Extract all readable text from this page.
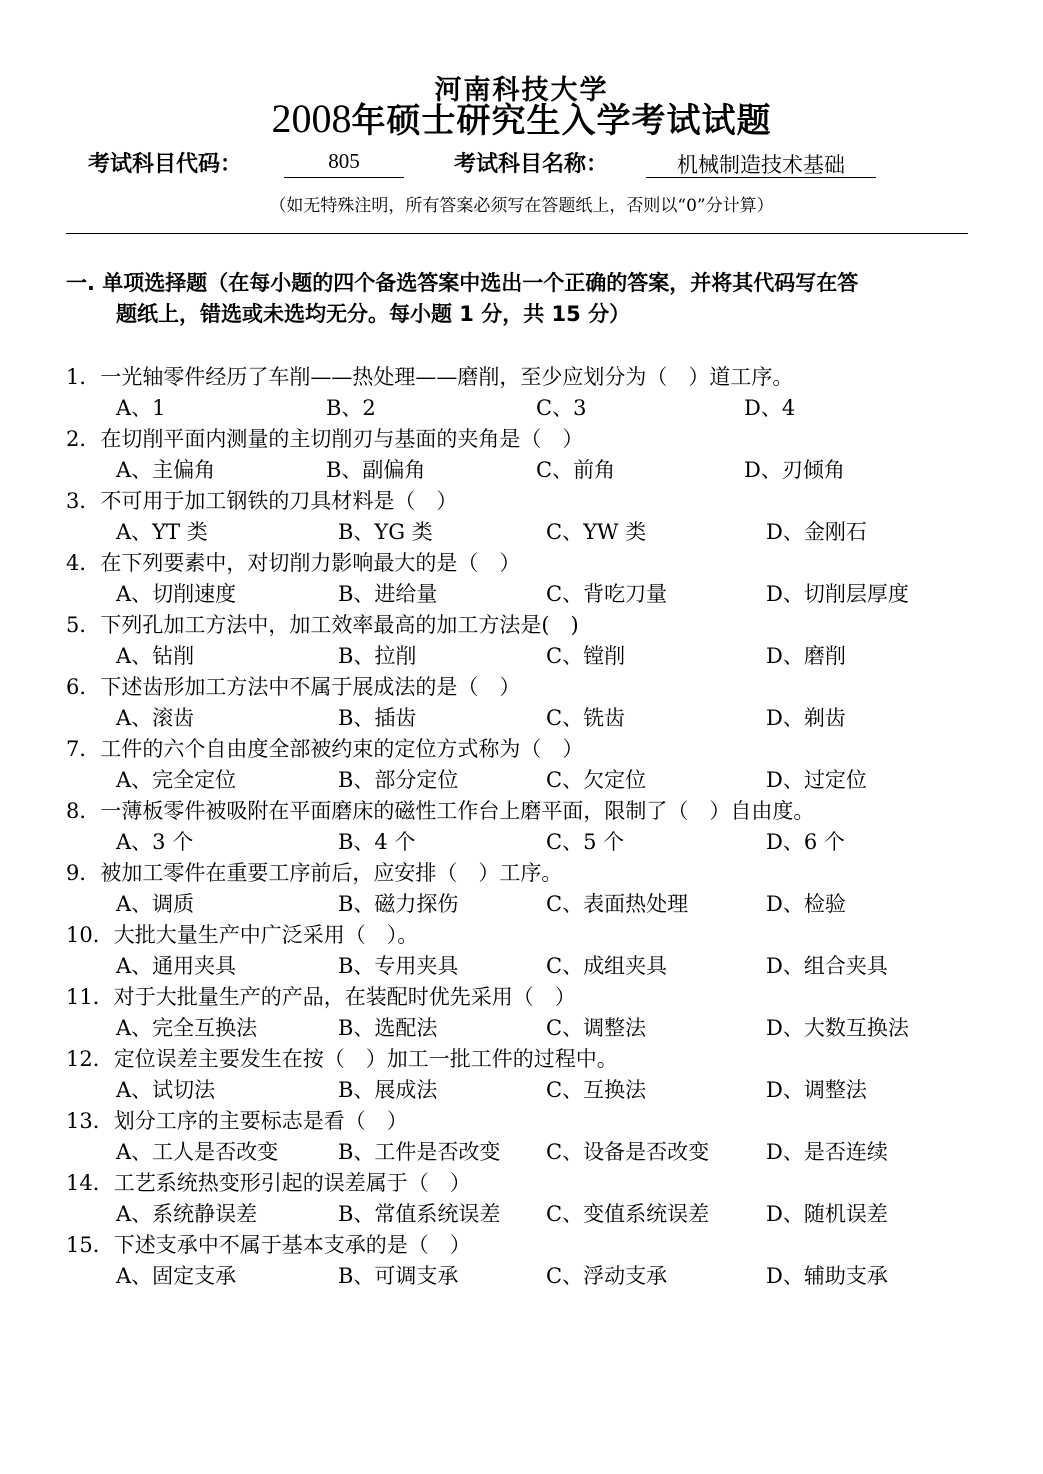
河南科技大学
2008年硕士研究生入学考试试题
考试科目代码：	805	考试科目名称：	机械制造技术基础
（如无特殊注明，所有答案必须写在答题纸上，否则以“0”分计算）
一. 单项选择题（在每小题的四个备选答案中选出一个正确的答案，并将其代码写在答
题纸上，错选或未选均无分。每小题 1 分，共 15 分）
1．一光轴零件经历了车削——热处理——磨削，至少应划分为（　）道工序。
A、1	B、2	C、3	D、4
2．在切削平面内测量的主切削刃与基面的夹角是（　）
A、主偏角	B、副偏角	C、前角	D、刃倾角
3．不可用于加工钢铁的刀具材料是（　）
A、YT 类	B、YG 类	C、YW 类	D、金刚石
4．在下列要素中，对切削力影响最大的是（　）
A、切削速度	B、进给量	C、背吃刀量	D、切削层厚度
5．下列孔加工方法中，加工效率最高的加工方法是(　)
A、钻削	B、拉削	C、镗削	D、磨削
6．下述齿形加工方法中不属于展成法的是（　）
A、滚齿	B、插齿	C、铣齿	D、剃齿
7．工件的六个自由度全部被约束的定位方式称为（　）
A、完全定位	B、部分定位	C、欠定位	D、过定位
8．一薄板零件被吸附在平面磨床的磁性工作台上磨平面，限制了（　）自由度。
A、3 个	B、4 个	C、5 个	D、6 个
9．被加工零件在重要工序前后，应安排（　）工序。
A、调质	B、磁力探伤	C、表面热处理	D、检验
10．大批大量生产中广泛采用（　）。
A、通用夹具	B、专用夹具	C、成组夹具	D、组合夹具
11．对于大批量生产的产品，在装配时优先采用（　）
A、完全互换法	B、选配法	C、调整法	D、大数互换法
12．定位误差主要发生在按（　）加工一批工件的过程中。
A、试切法	B、展成法	C、互换法	D、调整法
13．划分工序的主要标志是看（　）
A、工人是否改变	B、工件是否改变 C、设备是否改变	D、是否连续
14．工艺系统热变形引起的误差属于（　）
A、系统静误差	B、常值系统误差 C、变值系统误差	D、随机误差
15．下述支承中不属于基本支承的是（　）
A、固定支承	B、可调支承	C、浮动支承	D、辅助支承
